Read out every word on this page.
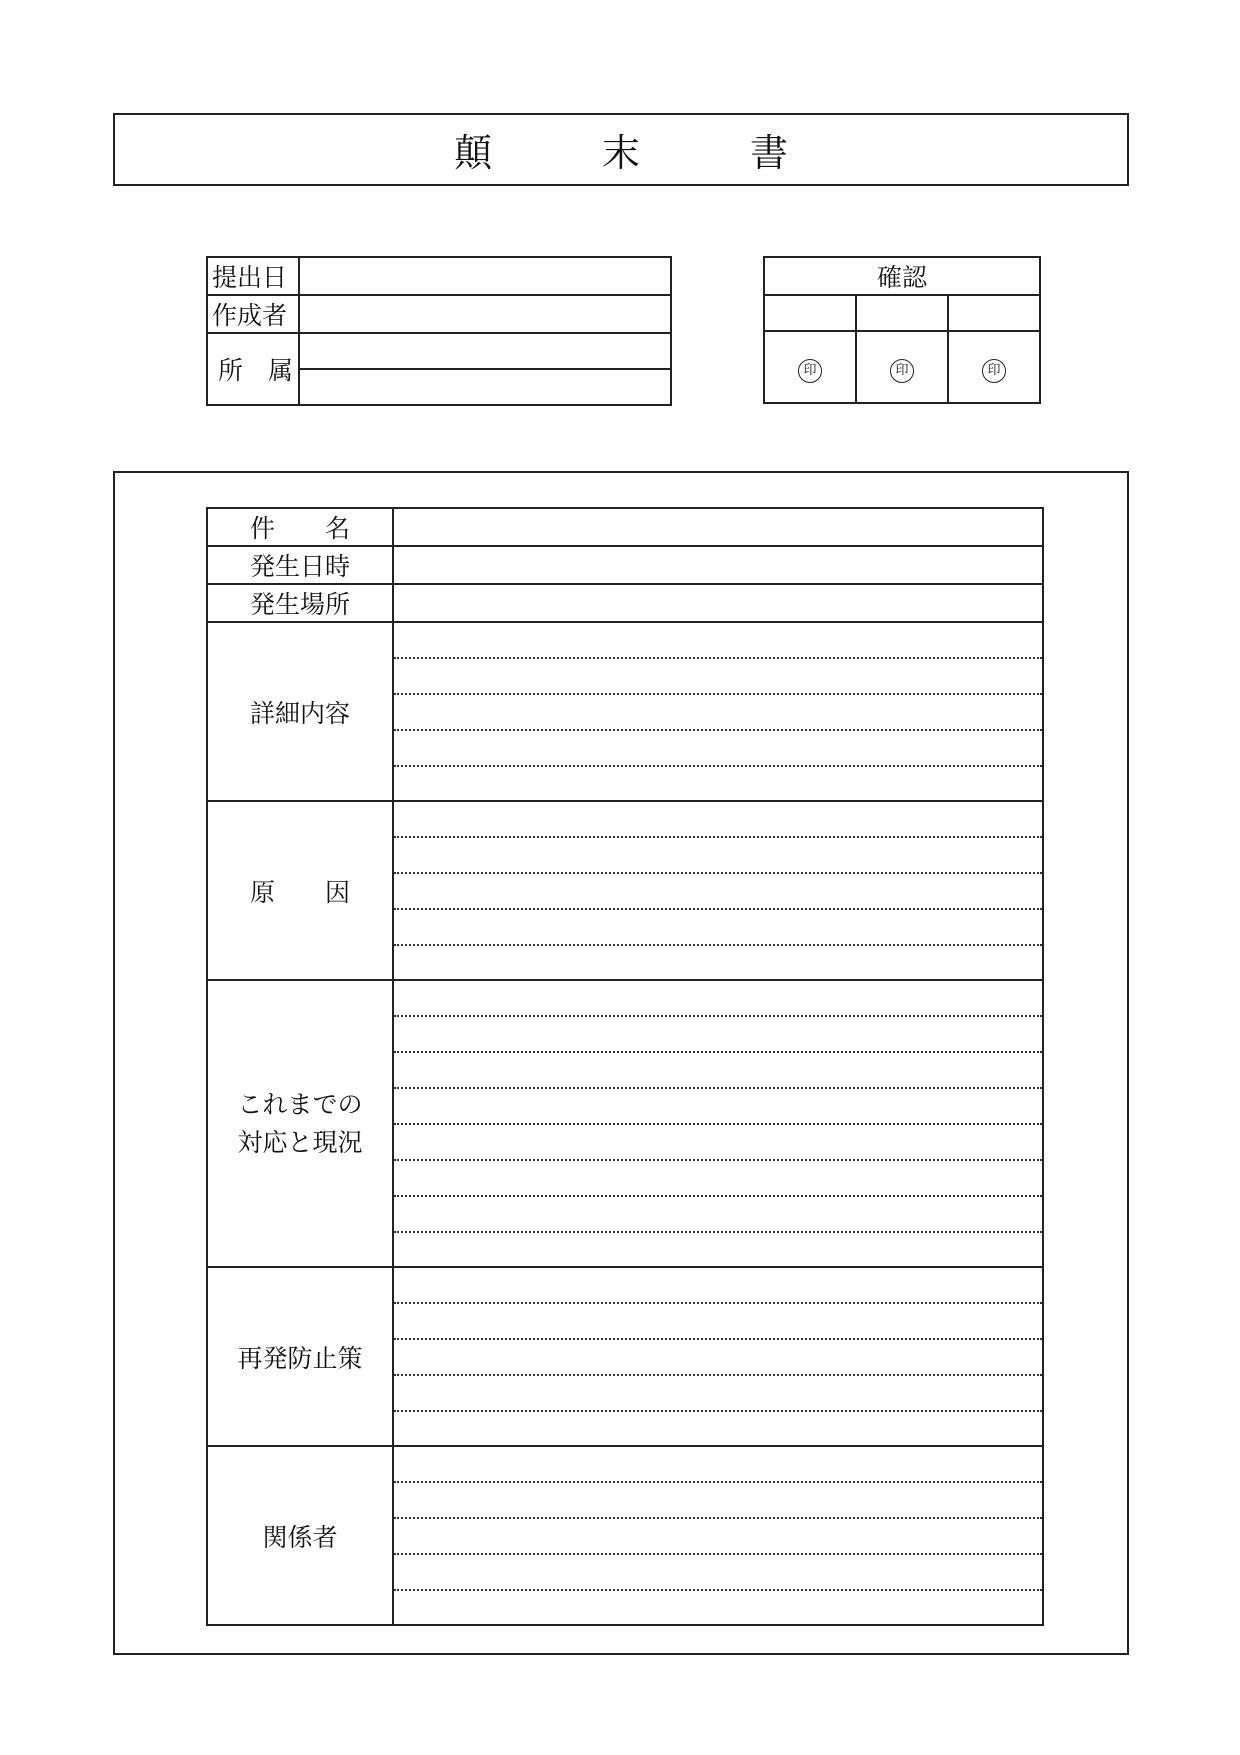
顛　末　書
提出日	
作成者	
所　属	

確認		

印	印	印
件　　名	
発生日時	
発生場所	
詳細内容	

原　　因	

これまでの
対応と現況	

再発防止策	

関係者	
